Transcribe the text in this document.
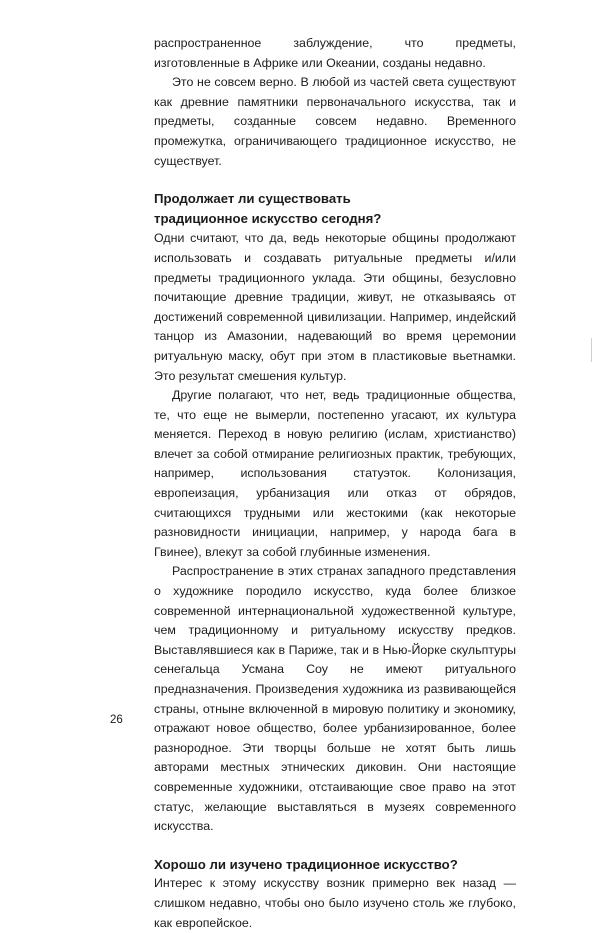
распространенное заблуждение, что предметы, изготовленные в Африке или Океании, созданы недавно.

Это не совсем верно. В любой из частей света существуют как древние памятники первоначального искусства, так и предметы, созданные совсем недавно. Временного промежутка, ограничивающего традиционное искусство, не существует.

Продолжает ли существовать
традиционное искусство сегодня?

Одни считают, что да, ведь некоторые общины продолжают использовать и создавать ритуальные предметы и/или предметы традиционного уклада. Эти общины, безусловно почитающие древние традиции, живут, не отказываясь от достижений современной цивилизации. Например, индейский танцор из Амазонии, надевающий во время церемонии ритуальную маску, обут при этом в пластиковые вьетнамки. Это результат смешения культур.

Другие полагают, что нет, ведь традиционные общества, те, что еще не вымерли, постепенно угасают, их культура меняется. Переход в новую религию (ислам, христианство) влечет за собой отмирание религиозных практик, требующих, например, использования статуэток. Колонизация, европеизация, урбанизация или отказ от обрядов, считающихся трудными или жестокими (как некоторые разновидности инициации, например, у народа бага в Гвинее), влекут за собой глубинные изменения.

Распространение в этих странах западного представления о художнике породило искусство, куда более близкое современной интернациональной художественной культуре, чем традиционному и ритуальному искусству предков. Выставлявшиеся как в Париже, так и в Нью-Йорке скульптуры сенегальца Усмана Соу не имеют ритуального предназначения. Произведения художника из развивающейся страны, отныне включенной в мировую политику и экономику, отражают новое общество, более урбанизированное, более разнородное. Эти творцы больше не хотят быть лишь авторами местных этнических диковин. Они настоящие современные художники, отстаивающие свое право на этот статус, желающие выставляться в музеях современного искусства.

Хорошо ли изучено традиционное искусство?

Интерес к этому искусству возник примерно век назад — слишком недавно, чтобы оно было изучено столь же глубоко, как европейское.

26
